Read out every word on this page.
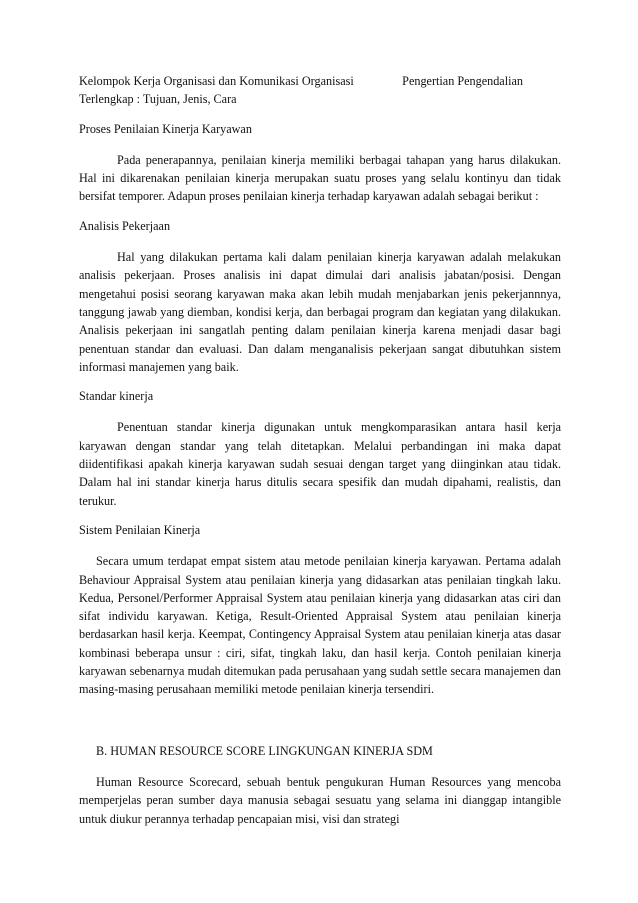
Kelompok Kerja Organisasi dan Komunikasi Organisasi	Pengertian Pengendalian

Terlengkap : Tujuan, Jenis, Cara

Proses Penilaian Kinerja Karyawan

Pada penerapannya, penilaian kinerja memiliki berbagai tahapan yang harus dilakukan. Hal ini dikarenakan penilaian kinerja merupakan suatu proses yang selalu kontinyu dan tidak bersifat temporer. Adapun proses penilaian kinerja terhadap karyawan adalah sebagai berikut :

Analisis Pekerjaan

Hal yang dilakukan pertama kali dalam penilaian kinerja karyawan adalah melakukan analisis pekerjaan. Proses analisis ini dapat dimulai dari analisis jabatan/posisi. Dengan mengetahui posisi seorang karyawan maka akan lebih mudah menjabarkan jenis pekerjannnya, tanggung jawab yang diemban, kondisi kerja, dan berbagai program dan kegiatan yang dilakukan. Analisis pekerjaan ini sangatlah penting dalam penilaian kinerja karena menjadi dasar bagi penentuan standar dan evaluasi. Dan dalam menganalisis pekerjaan sangat dibutuhkan sistem informasi manajemen yang baik.

Standar kinerja

Penentuan standar kinerja digunakan untuk mengkomparasikan antara hasil kerja karyawan dengan standar yang telah ditetapkan. Melalui perbandingan ini maka dapat diidentifikasi apakah kinerja karyawan sudah sesuai dengan target yang diinginkan atau tidak. Dalam hal ini standar kinerja harus ditulis secara spesifik dan mudah dipahami, realistis, dan terukur.

Sistem Penilaian Kinerja

Secara umum terdapat empat sistem atau metode penilaian kinerja karyawan. Pertama adalah Behaviour Appraisal System atau penilaian kinerja yang didasarkan atas penilaian tingkah laku. Kedua, Personel/Performer Appraisal System atau penilaian kinerja yang didasarkan atas ciri dan sifat individu karyawan. Ketiga, Result-Oriented Appraisal System atau penilaian kinerja berdasarkan hasil kerja. Keempat, Contingency Appraisal System atau penilaian kinerja atas dasar kombinasi beberapa unsur : ciri, sifat, tingkah laku, dan hasil kerja. Contoh penilaian kinerja karyawan sebenarnya mudah ditemukan pada perusahaan yang sudah settle secara manajemen dan masing-masing perusahaan memiliki metode penilaian kinerja tersendiri.

B. HUMAN RESOURCE SCORE LINGKUNGAN KINERJA SDM

Human Resource Scorecard, sebuah bentuk pengukuran Human Resources yang mencoba memperjelas peran sumber daya manusia sebagai sesuatu yang selama ini dianggap intangible untuk diukur perannya terhadap pencapaian misi, visi dan strategi
